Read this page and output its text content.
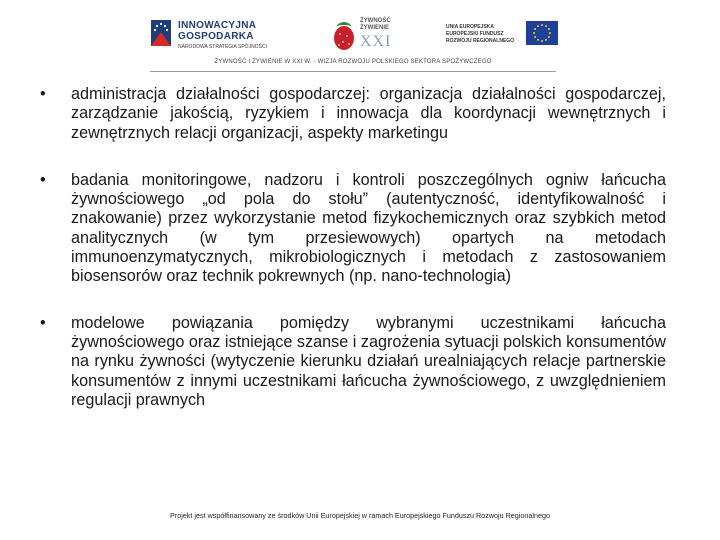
INNOWACYJNA
GOSPODARKA
NARODOWA STRATEGIA SPÓJNOŚCI
ŻYWNOŚĆ
ŻYWIENIE
XXI
UNIA EUROPEJSKA
EUROPEJSKI FUNDUSZ
ROZWOJU REGIONALNEGO
ŻYWNOŚĆ I ŻYWIENIE W XXI W. - WIZJA ROZWOJU POLSKIEGO SEKTORA SPOŻYWCZEGO
• administracja działalności gospodarczej: organizacja działalności gospodarczej, zarządzanie jakością, ryzykiem i innowacja dla koordynacji wewnętrznych i zewnętrznych relacji organizacji, aspekty marketingu
• badania monitoringowe, nadzoru i kontroli poszczególnych ogniw łańcucha żywnościowego „od pola do stołu” (autentyczność, identyfikowalność i znakowanie) przez wykorzystanie metod fizykochemicznych oraz szybkich metod analitycznych (w tym przesiewowych) opartych na metodach immunoenzymatycznych, mikrobiologicznych i metodach z zastosowaniem biosensorów oraz technik pokrewnych (np. nano-technologia)
• modelowe powiązania pomiędzy wybranymi uczestnikami łańcucha żywnościowego oraz istniejące szanse i zagrożenia sytuacji polskich konsumentów na rynku żywności (wytyczenie kierunku działań urealniających relacje partnerskie konsumentów z innymi uczestnikami łańcucha żywnościowego, z uwzględnieniem regulacji prawnych
Projekt jest współfinansowany ze środków Unii Europejskiej w ramach Europejskiego Funduszu Rozwoju Regionalnego
